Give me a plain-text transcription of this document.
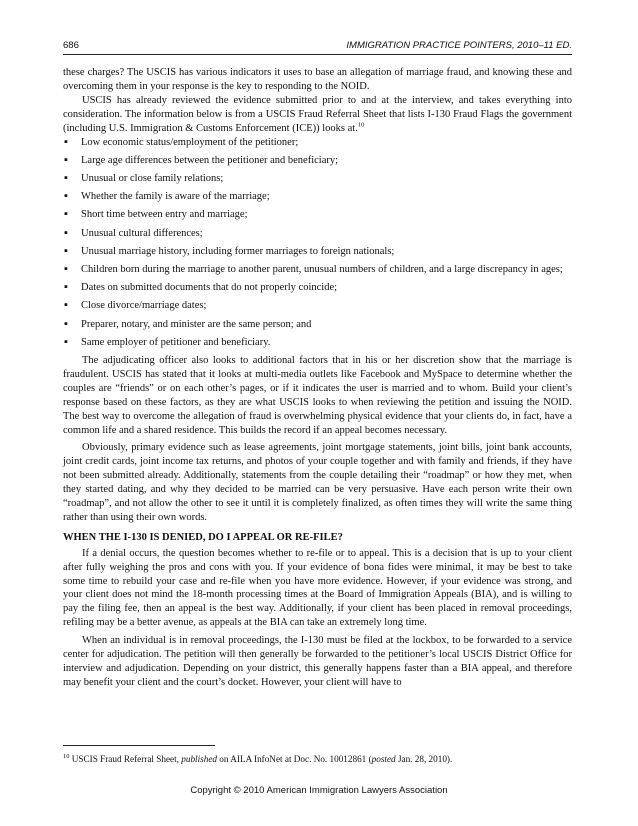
686	IMMIGRATION PRACTICE POINTERS, 2010–11 ED.

these charges? The USCIS has various indicators it uses to base an allegation of marriage fraud, and knowing these and overcoming them in your response is the key to responding to the NOID.

USCIS has already reviewed the evidence submitted prior to and at the interview, and takes everything into consideration. The information below is from a USCIS Fraud Referral Sheet that lists I-130 Fraud Flags the government (including U.S. Immigration & Customs Enforcement (ICE)) looks at.$^{10}$

▪ Low economic status/employment of the petitioner;
▪ Large age differences between the petitioner and beneficiary;
▪ Unusual or close family relations;
▪ Whether the family is aware of the marriage;
▪ Short time between entry and marriage;
▪ Unusual cultural differences;
▪ Unusual marriage history, including former marriages to foreign nationals;
▪ Children born during the marriage to another parent, unusual numbers of children, and a large discrepancy in ages;
▪ Dates on submitted documents that do not properly coincide;
▪ Close divorce/marriage dates;
▪ Preparer, notary, and minister are the same person; and
▪ Same employer of petitioner and beneficiary.

The adjudicating officer also looks to additional factors that in his or her discretion show that the marriage is fraudulent. USCIS has stated that it looks at multi-media outlets like Facebook and MySpace to determine whether the couples are “friends” or on each other’s pages, or if it indicates the user is married and to whom. Build your client’s response based on these factors, as they are what USCIS looks to when reviewing the petition and issuing the NOID. The best way to overcome the allegation of fraud is overwhelming physical evidence that your clients do, in fact, have a common life and a shared residence. This builds the record if an appeal becomes necessary.

Obviously, primary evidence such as lease agreements, joint mortgage statements, joint bills, joint bank accounts, joint credit cards, joint income tax returns, and photos of your couple together and with family and friends, if they have not been submitted already. Additionally, statements from the couple detailing their “roadmap” or how they met, when they started dating, and why they decided to be married can be very persuasive. Have each person write their own “roadmap”, and not allow the other to see it until it is completely finalized, as often times they will write the same thing rather than using their own words.

WHEN THE I-130 IS DENIED, DO I APPEAL OR RE-FILE?

If a denial occurs, the question becomes whether to re-file or to appeal. This is a decision that is up to your client after fully weighing the pros and cons with you. If your evidence of bona fides were minimal, it may be best to take some time to rebuild your case and re-file when you have more evidence. However, if your evidence was strong, and your client does not mind the 18-month processing times at the Board of Immigration Appeals (BIA), and is willing to pay the filing fee, then an appeal is the best way. Additionally, if your client has been placed in removal proceedings, refiling may be a better avenue, as appeals at the BIA can take an extremely long time.

When an individual is in removal proceedings, the I-130 must be filed at the lockbox, to be forwarded to a service center for adjudication. The petition will then generally be forwarded to the petitioner’s local USCIS District Office for interview and adjudication. Depending on your district, this generally happens faster than a BIA appeal, and therefore may benefit your client and the court’s docket. However, your client will have to

$^{10}$ USCIS Fraud Referral Sheet, published on AILA InfoNet at Doc. No. 10012861 (posted Jan. 28, 2010).
Copyright © 2010 American Immigration Lawyers Association
